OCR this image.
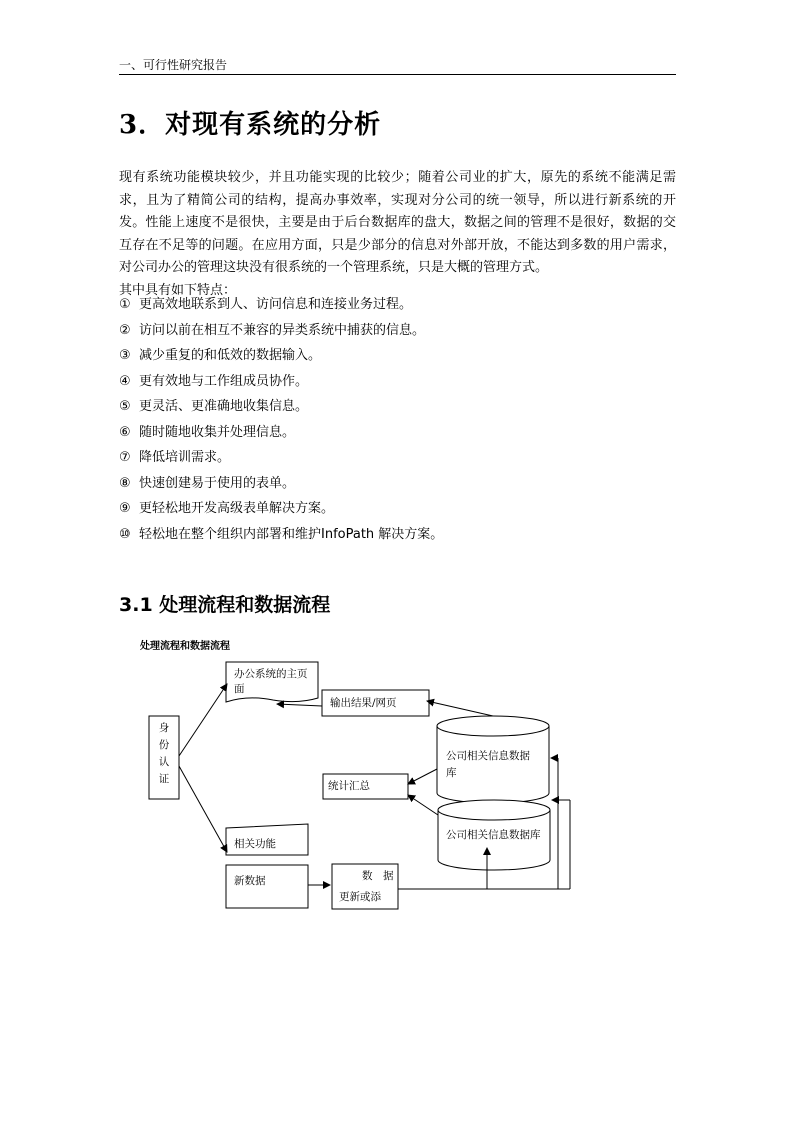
一、可行性研究报告
3．对现有系统的分析

现有系统功能模块较少，并且功能实现的比较少；随着公司业的扩大，原先的系统不能满足需求，且为了精简公司的结构，提高办事效率，实现对分公司的统一领导，所以进行新系统的开发。性能上速度不是很快，主要是由于后台数据库的盘大，数据之间的管理不是很好，数据的交互存在不足等的问题。在应用方面，只是少部分的信息对外部开放，不能达到多数的用户需求，对公司办公的管理这块没有很系统的一个管理系统，只是大概的管理方式。

其中具有如下特点：

① 更高效地联系到人、访问信息和连接业务过程。
② 访问以前在相互不兼容的异类系统中捕获的信息。
③ 减少重复的和低效的数据输入。
④ 更有效地与工作组成员协作。
⑤ 更灵活、更准确地收集信息。
⑥ 随时随地收集并处理信息。
⑦ 降低培训需求。
⑧ 快速创建易于使用的表单。
⑨ 更轻松地开发高级表单解决方案。
⑩ 轻松地在整个组织内部署和维护InfoPath 解决方案。
3.1 处理流程和数据流程
处理流程和数据流程
身
份
认
证
办公系统的主页
面
输出结果/网页
公司相关信息数据
库
统计汇总
公司相关信息数据库
相关功能
新数据	数　据
更新或添
